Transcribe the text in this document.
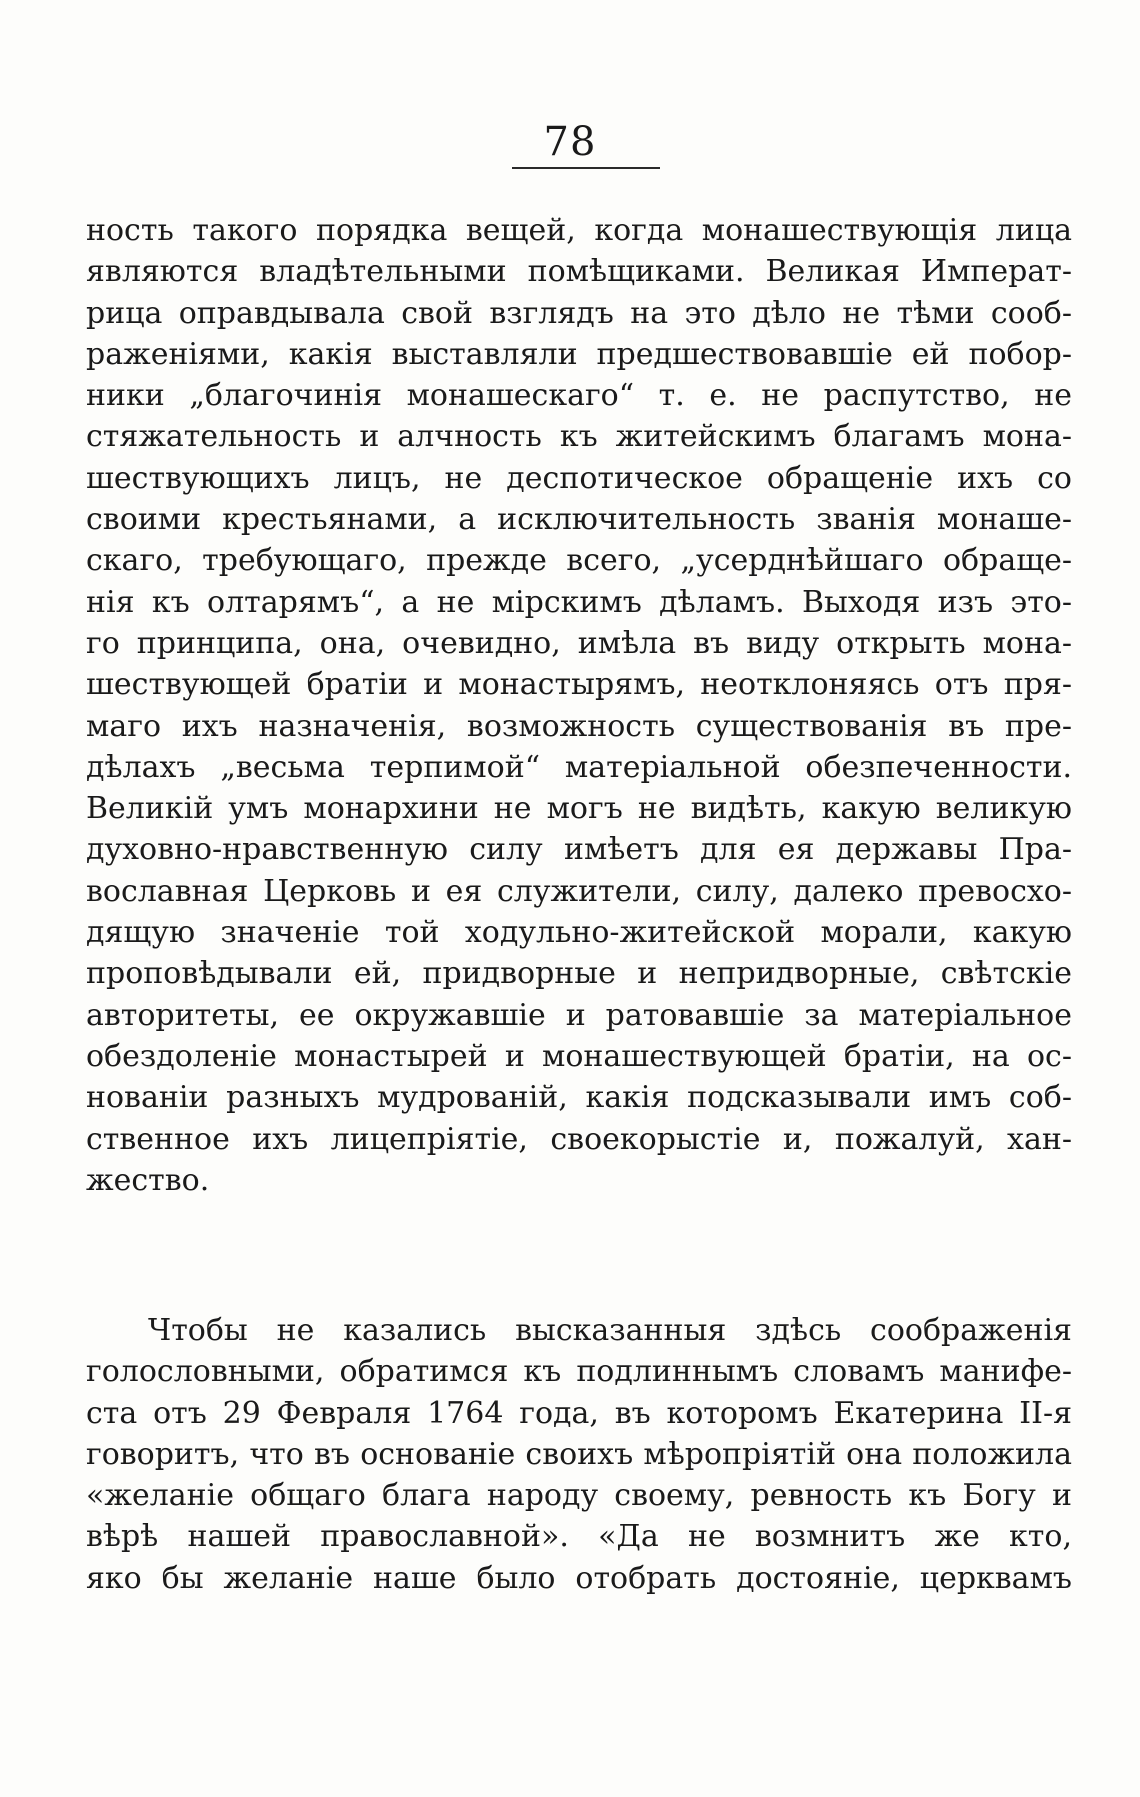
78
ность такого порядка вещей, когда монашествующія лица
являются владѣтельными помѣщиками. Великая Императ-
рица оправдывала свой взглядъ на это дѣло не тѣми сооб-
раженіями, какія выставляли предшествовавшіе ей побор-
ники „благочинія монашескаго“ т. е. не распутство, не
стяжательность и алчность къ житейскимъ благамъ мона-
шествующихъ лицъ, не деспотическое обращеніе ихъ со
своими крестьянами, а исключительность званія монаше-
скаго, требующаго, прежде всего, „усерднѣйшаго обраще-
нія къ олтарямъ“, а не мірскимъ дѣламъ. Выходя изъ это-
го принципа, она, очевидно, имѣла въ виду открыть мона-
шествующей братіи и монастырямъ, неотклоняясь отъ пря-
маго ихъ назначенія, возможность существованія въ пре-
дѣлахъ „весьма терпимой“ матеріальной обезпеченности.
Великій умъ монархини не могъ не видѣть, какую великую
духовно-нравственную силу имѣетъ для ея державы Пра-
вославная Церковь и ея служители, силу, далеко превосхо-
дящую значеніе той ходульно-житейской морали, какую
проповѣдывали ей, придворные и непридворные, свѣтскіе
авторитеты, ее окружавшіе и ратовавшіе за матеріальное
обездоленіе монастырей и монашествующей братіи, на ос-
нованіи разныхъ мудрованій, какія подсказывали имъ соб-
ственное ихъ лицепріятіе, своекорыстіе и, пожалуй, хан-
жество.
Чтобы не казались высказанныя здѣсь соображенія
голословными, обратимся къ подлиннымъ словамъ манифе-
ста отъ 29 Февраля 1764 года, въ которомъ Екатерина II-я
говоритъ, что въ основаніе своихъ мѣропріятій она положила
«желаніе общаго блага народу своему, ревность къ Богу и
вѣрѣ нашей православной». «Да не возмнитъ же кто,
яко бы желаніе наше было отобрать достояніе, церквамъ
